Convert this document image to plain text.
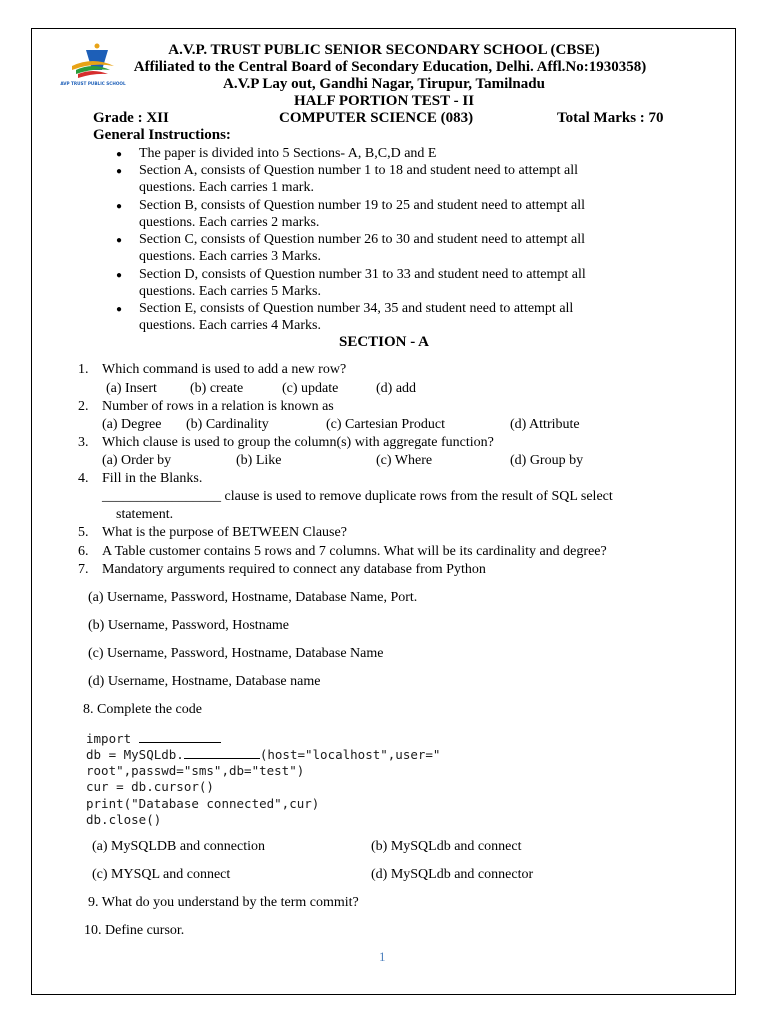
AVP TRUST PUBLIC SCHOOL
A.V.P. TRUST PUBLIC SENIOR SECONDARY SCHOOL (CBSE)
Affiliated to the Central Board of Secondary Education, Delhi. Affl.No:1930358)
A.V.P Lay out, Gandhi Nagar, Tirupur, Tamilnadu
HALF PORTION TEST - II
Grade : XII	COMPUTER SCIENCE (083)	Total Marks : 70
General Instructions:
● The paper is divided into 5 Sections- A, B,C,D and E
● Section A, consists of Question number 1 to 18 and student need to attempt all
questions. Each carries 1 mark.
● Section B, consists of Question number 19 to 25 and student need to attempt all
questions. Each carries 2 marks.
● Section C, consists of Question number 26 to 30 and student need to attempt all
questions. Each carries 3 Marks.
● Section D, consists of Question number 31 to 33 and student need to attempt all
questions. Each carries 5 Marks.
● Section E, consists of Question number 34, 35 and student need to attempt all
questions. Each carries 4 Marks.
SECTION - A
1. Which command is used to add a new row?
(a) Insert (b) create	(c) update	(d) add
2. Number of rows in a relation is known as
(a) Degree (b) Cardinality	(c) Cartesian Product	(d) Attribute
3. Which clause is used to group the column(s) with aggregate function?
(a) Order by	(b) Like	(c) Where	(d) Group by
4. Fill in the Blanks.
_________________ clause is used to remove duplicate rows from the result of SQL select
statement.
5. What is the purpose of BETWEEN Clause?
6. A Table customer contains 5 rows and 7 columns. What will be its cardinality and degree?
7. Mandatory arguments required to connect any database from Python
(a) Username, Password, Hostname, Database Name, Port.
(b) Username, Password, Hostname
(c) Username, Password, Hostname, Database Name
(d) Username, Hostname, Database name
8. Complete the code
import
db = MySQLdb.	(host="localhost",user="
root",passwd="sms",db="test")
cur = db.cursor()
print("Database connected",cur)
db.close()
(a) MySQLDB and connection	(b) MySQLdb and connect
(c) MYSQL and connect	(d) MySQLdb and connector
9. What do you understand by the term commit?
10. Define cursor.
1
